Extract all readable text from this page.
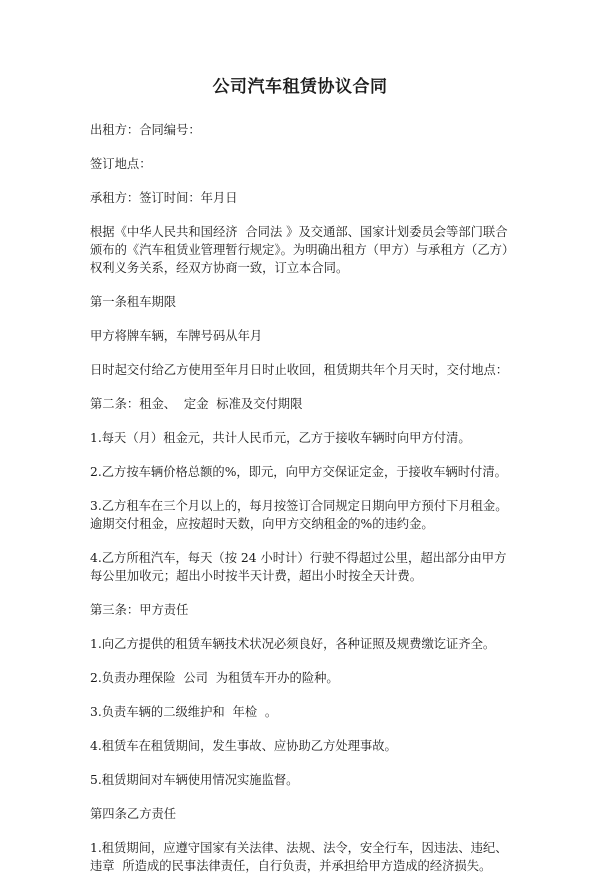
公司汽车租赁协议合同

出租方：合同编号：

签订地点：

承租方：签订时间：年月日

根据《中华人民共和国经济  合同法 》及交通部、国家计划委员会等部门联合颁布的《汽车租赁业管理暂行规定》。为明确出租方（甲方）与承租方（乙方）权利义务关系，经双方协商一致，订立本合同。

第一条租车期限

甲方将牌车辆，车牌号码从年月

日时起交付给乙方使用至年月日时止收回，租赁期共年个月天时，交付地点：

第二条：租金、  定金  标准及交付期限

1.每天（月）租金元，共计人民币元，乙方于接收车辆时向甲方付清。

2.乙方按车辆价格总额的%，即元，向甲方交保证定金，于接收车辆时付清。

3.乙方租车在三个月以上的，每月按签订合同规定日期向甲方预付下月租金。逾期交付租金，应按超时天数，向甲方交纳租金的%的违约金。

4.乙方所租汽车，每天（按 24 小时计）行驶不得超过公里，超出部分由甲方每公里加收元；超出小时按半天计费，超出小时按全天计费。

第三条：甲方责任

1.向乙方提供的租赁车辆技术状况必须良好，各种证照及规费缴讫证齐全。

2.负责办理保险  公司  为租赁车开办的险种。

3.负责车辆的二级维护和  年检  。

4.租赁车在租赁期间，发生事故、应协助乙方处理事故。

5.租赁期间对车辆使用情况实施监督。

第四条乙方责任

1.租赁期间，应遵守国家有关法律、法规、法令，安全行车，因违法、违纪、违章  所造成的民事法律责任，自行负责，并承担给甲方造成的经济损失。
